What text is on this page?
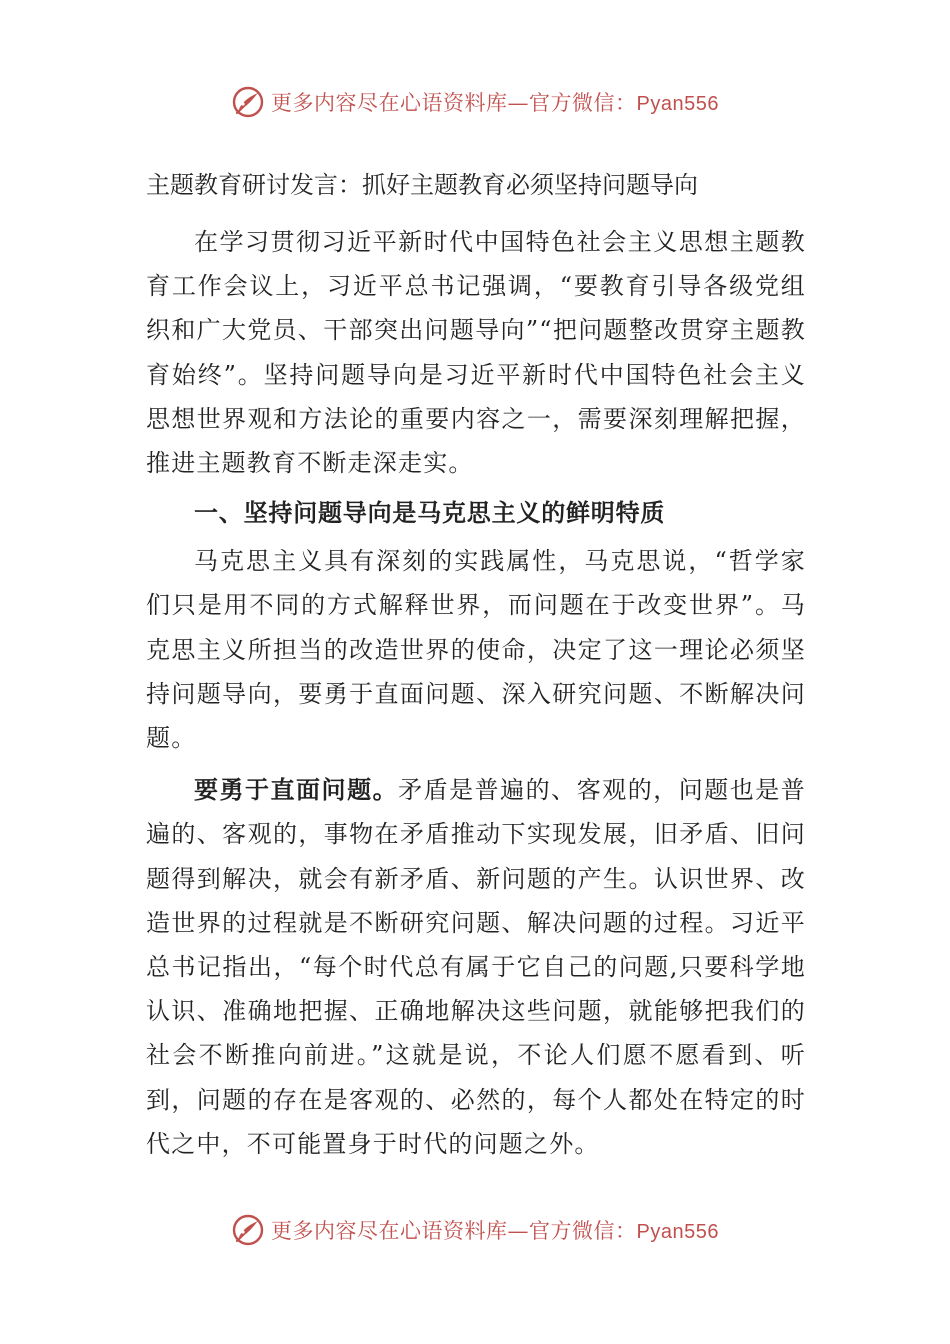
更多内容尽在心语资料库—官方微信：Pyan556
主题教育研讨发言：抓好主题教育必须坚持问题导向

在学习贯彻习近平新时代中国特色社会主义思想主题教育工作会议上，习近平总书记强调，“要教育引导各级党组织和广大党员、干部突出问题导向”“把问题整改贯穿主题教育始终”。坚持问题导向是习近平新时代中国特色社会主义思想世界观和方法论的重要内容之一，需要深刻理解把握，推进主题教育不断走深走实。

一、坚持问题导向是马克思主义的鲜明特质

马克思主义具有深刻的实践属性，马克思说，“哲学家们只是用不同的方式解释世界，而问题在于改变世界”。马克思主义所担当的改造世界的使命，决定了这一理论必须坚持问题导向，要勇于直面问题、深入研究问题、不断解决问题。

要勇于直面问题。矛盾是普遍的、客观的，问题也是普遍的、客观的，事物在矛盾推动下实现发展，旧矛盾、旧问题得到解决，就会有新矛盾、新问题的产生。认识世界、改造世界的过程就是不断研究问题、解决问题的过程。习近平总书记指出，“每个时代总有属于它自己的问题,只要科学地认识、准确地把握、正确地解决这些问题，就能够把我们的社会不断推向前进。”这就是说，不论人们愿不愿看到、听到，问题的存在是客观的、必然的，每个人都处在特定的时代之中，不可能置身于时代的问题之外。

更多内容尽在心语资料库—官方微信：Pyan556
